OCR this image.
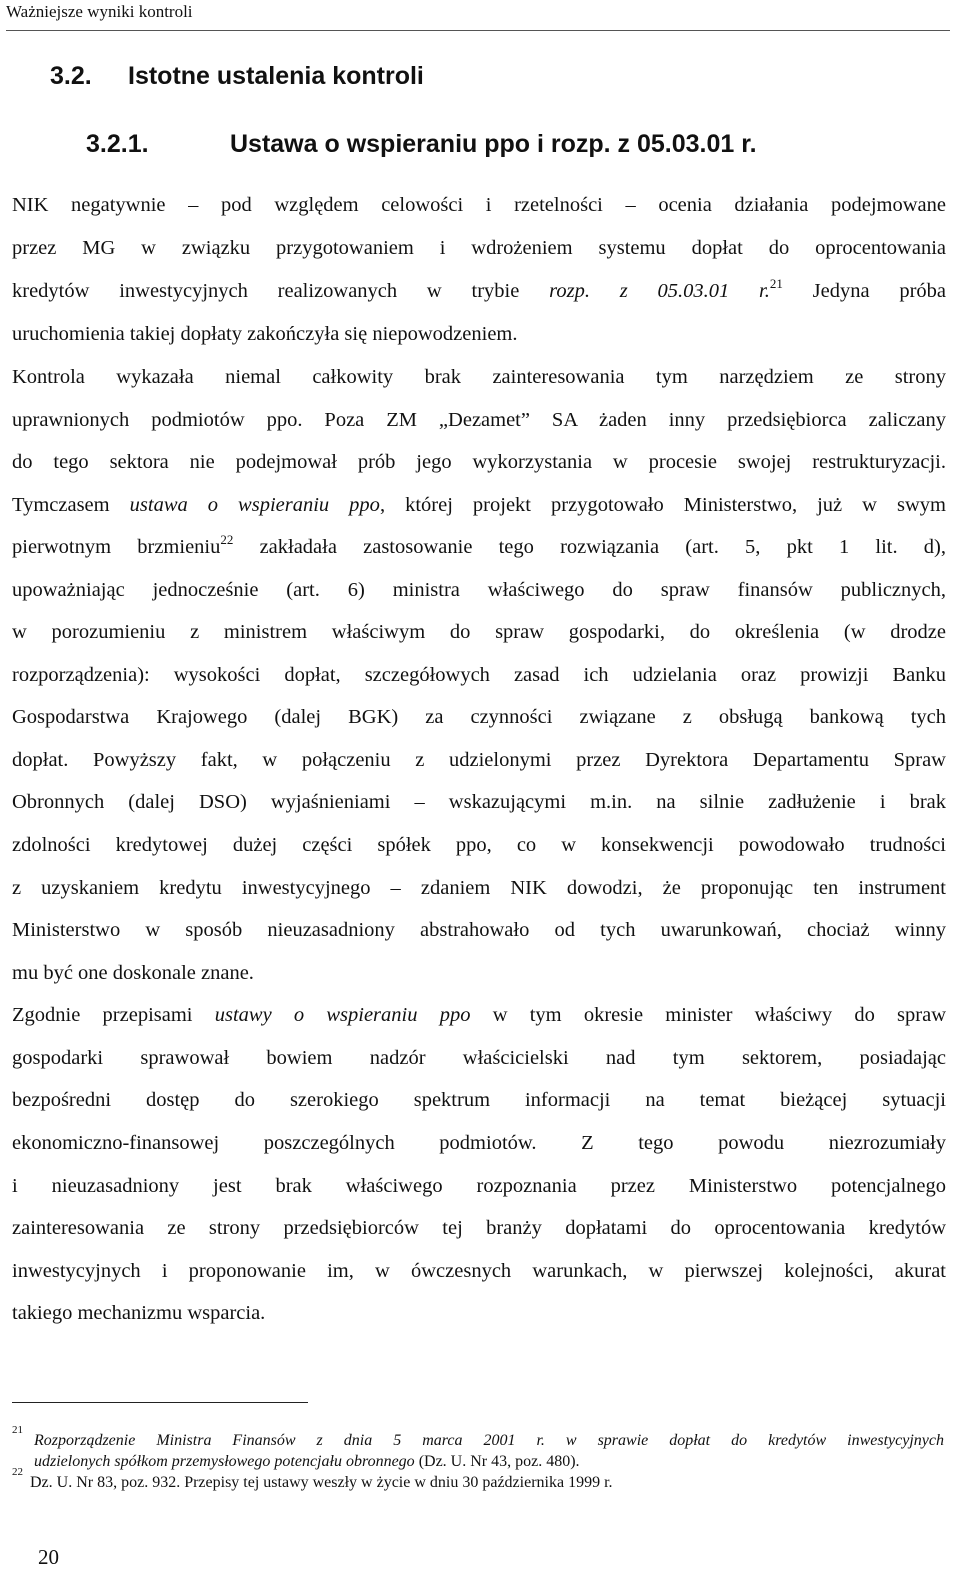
Ważniejsze wyniki kontroli
3.2. Istotne ustalenia kontroli
3.2.1.	Ustawa o wspieraniu ppo i rozp. z 05.03.01 r.
NIK negatywnie – pod względem celowości i rzetelności – ocenia działania podejmowane
przez MG w związku przygotowaniem i wdrożeniem systemu dopłat do oprocentowania
kredytów inwestycyjnych realizowanych w trybie rozp. z 05.03.01 r.$^{21}$ Jedyna próba
uruchomienia takiej dopłaty zakończyła się niepowodzeniem.
Kontrola wykazała niemal całkowity brak zainteresowania tym narzędziem ze strony
uprawnionych podmiotów ppo. Poza ZM „Dezamet” SA żaden inny przedsiębiorca zaliczany
do tego sektora nie podejmował prób jego wykorzystania w procesie swojej restrukturyzacji.
Tymczasem ustawa o wspieraniu ppo, której projekt przygotowało Ministerstwo, już w swym
pierwotnym brzmieniu$^{22}$ zakładała zastosowanie tego rozwiązania (art. 5, pkt 1 lit. d),
upoważniając jednocześnie (art. 6) ministra właściwego do spraw finansów publicznych,
w porozumieniu z ministrem właściwym do spraw gospodarki, do określenia (w drodze
rozporządzenia): wysokości dopłat, szczegółowych zasad ich udzielania oraz prowizji Banku
Gospodarstwa Krajowego (dalej BGK) za czynności związane z obsługą bankową tych
dopłat. Powyższy fakt, w połączeniu z udzielonymi przez Dyrektora Departamentu Spraw
Obronnych (dalej DSO) wyjaśnieniami – wskazującymi m.in. na silnie zadłużenie i brak
zdolności kredytowej dużej części spółek ppo, co w konsekwencji powodowało trudności
z uzyskaniem kredytu inwestycyjnego – zdaniem NIK dowodzi, że proponując ten instrument
Ministerstwo w sposób nieuzasadniony abstrahowało od tych uwarunkowań, chociaż winny
mu być one doskonale znane.
Zgodnie przepisami ustawy o wspieraniu ppo w tym okresie minister właściwy do spraw
gospodarki sprawował bowiem nadzór właścicielski nad tym sektorem, posiadając
bezpośredni dostęp do szerokiego spektrum informacji na temat bieżącej sytuacji
ekonomiczno-finansowej poszczególnych podmiotów. Z tego powodu niezrozumiały
i nieuzasadniony jest brak właściwego rozpoznania przez Ministerstwo potencjalnego
zainteresowania ze strony przedsiębiorców tej branży dopłatami do oprocentowania kredytów
inwestycyjnych i proponowanie im, w ówczesnych warunkach, w pierwszej kolejności, akurat
takiego mechanizmu wsparcia.
21
Rozporządzenie Ministra Finansów z dnia 5 marca 2001 r. w sprawie dopłat do kredytów inwestycyjnych
udzielonych spółkom przemysłowego potencjału obronnego (Dz. U. Nr 43, poz. 480).
22
Dz. U. Nr 83, poz. 932. Przepisy tej ustawy weszły w życie w dniu 30 października 1999 r.
20
